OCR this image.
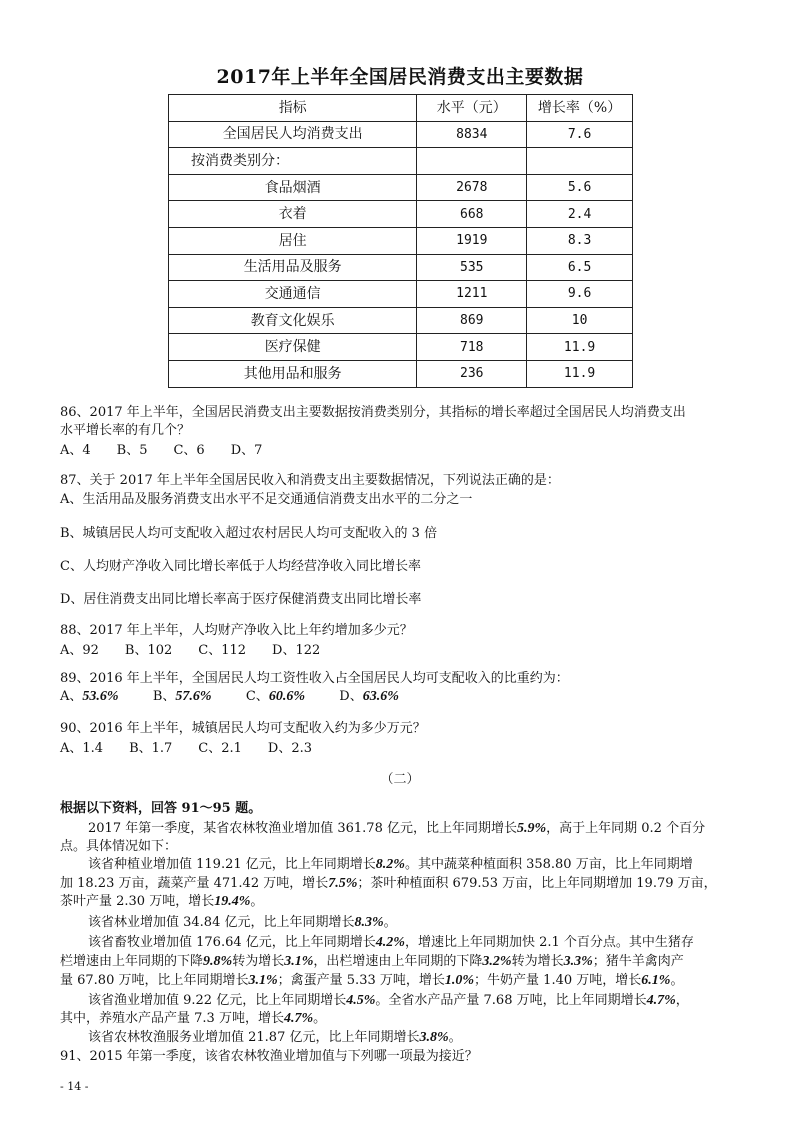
2017年上半年全国居民消费支出主要数据
指标	水平（元）	增长率（%）
全国居民人均消费支出	8834	7.6
按消费类别分：		
食品烟酒	2678	5.6
衣着	668	2.4
居住	1919	8.3
生活用品及服务	535	6.5
交通通信	1211	9.6
教育文化娱乐	869	10
医疗保健	718	11.9
其他用品和服务	236	11.9
86、2017 年上半年，全国居民消费支出主要数据按消费类别分，其指标的增长率超过全国居民人均消费支出
水平增长率的有几个？
A、4　　B、5　　C、6　　D、7
87、关于 2017 年上半年全国居民收入和消费支出主要数据情况，下列说法正确的是：
A、生活用品及服务消费支出水平不足交通通信消费支出水平的二分之一
B、城镇居民人均可支配收入超过农村居民人均可支配收入的 3 倍
C、人均财产净收入同比增长率低于人均经营净收入同比增长率
D、居住消费支出同比增长率高于医疗保健消费支出同比增长率
88、2017 年上半年，人均财产净收入比上年约增加多少元？
A、92　　B、102　　C、112　　D、122
89、2016 年上半年，全国居民人均工资性收入占全国居民人均可支配收入的比重约为：
A、53.6%	B、57.6%	C、60.6%	D、63.6%
90、2016 年上半年，城镇居民人均可支配收入约为多少万元？
A、1.4　　B、1.7　　C、2.1　　D、2.3
（二）
根据以下资料，回答 91～95 题。
2017 年第一季度，某省农林牧渔业增加值 361.78 亿元，比上年同期增长5.9%，高于上年同期 0.2 个百分
点。具体情况如下：
该省种植业增加值 119.21 亿元，比上年同期增长8.2%。其中蔬菜种植面积 358.80 万亩，比上年同期增
加 18.23 万亩，蔬菜产量 471.42 万吨，增长7.5%；茶叶种植面积 679.53 万亩，比上年同期增加 19.79 万亩，
茶叶产量 2.30 万吨，增长19.4%。
该省林业增加值 34.84 亿元，比上年同期增长8.3%。
该省畜牧业增加值 176.64 亿元，比上年同期增长4.2%，增速比上年同期加快 2.1 个百分点。其中生猪存
栏增速由上年同期的下降9.8%转为增长3.1%，出栏增速由上年同期的下降3.2%转为增长3.3%；猪牛羊禽肉产
量 67.80 万吨，比上年同期增长3.1%；禽蛋产量 5.33 万吨，增长1.0%；牛奶产量 1.40 万吨，增长6.1%。
该省渔业增加值 9.22 亿元，比上年同期增长4.5%。全省水产品产量 7.68 万吨，比上年同期增长4.7%，
其中，养殖水产品产量 7.3 万吨，增长4.7%。
该省农林牧渔服务业增加值 21.87 亿元，比上年同期增长3.8%。
91、2015 年第一季度，该省农林牧渔业增加值与下列哪一项最为接近？
- 14 -
